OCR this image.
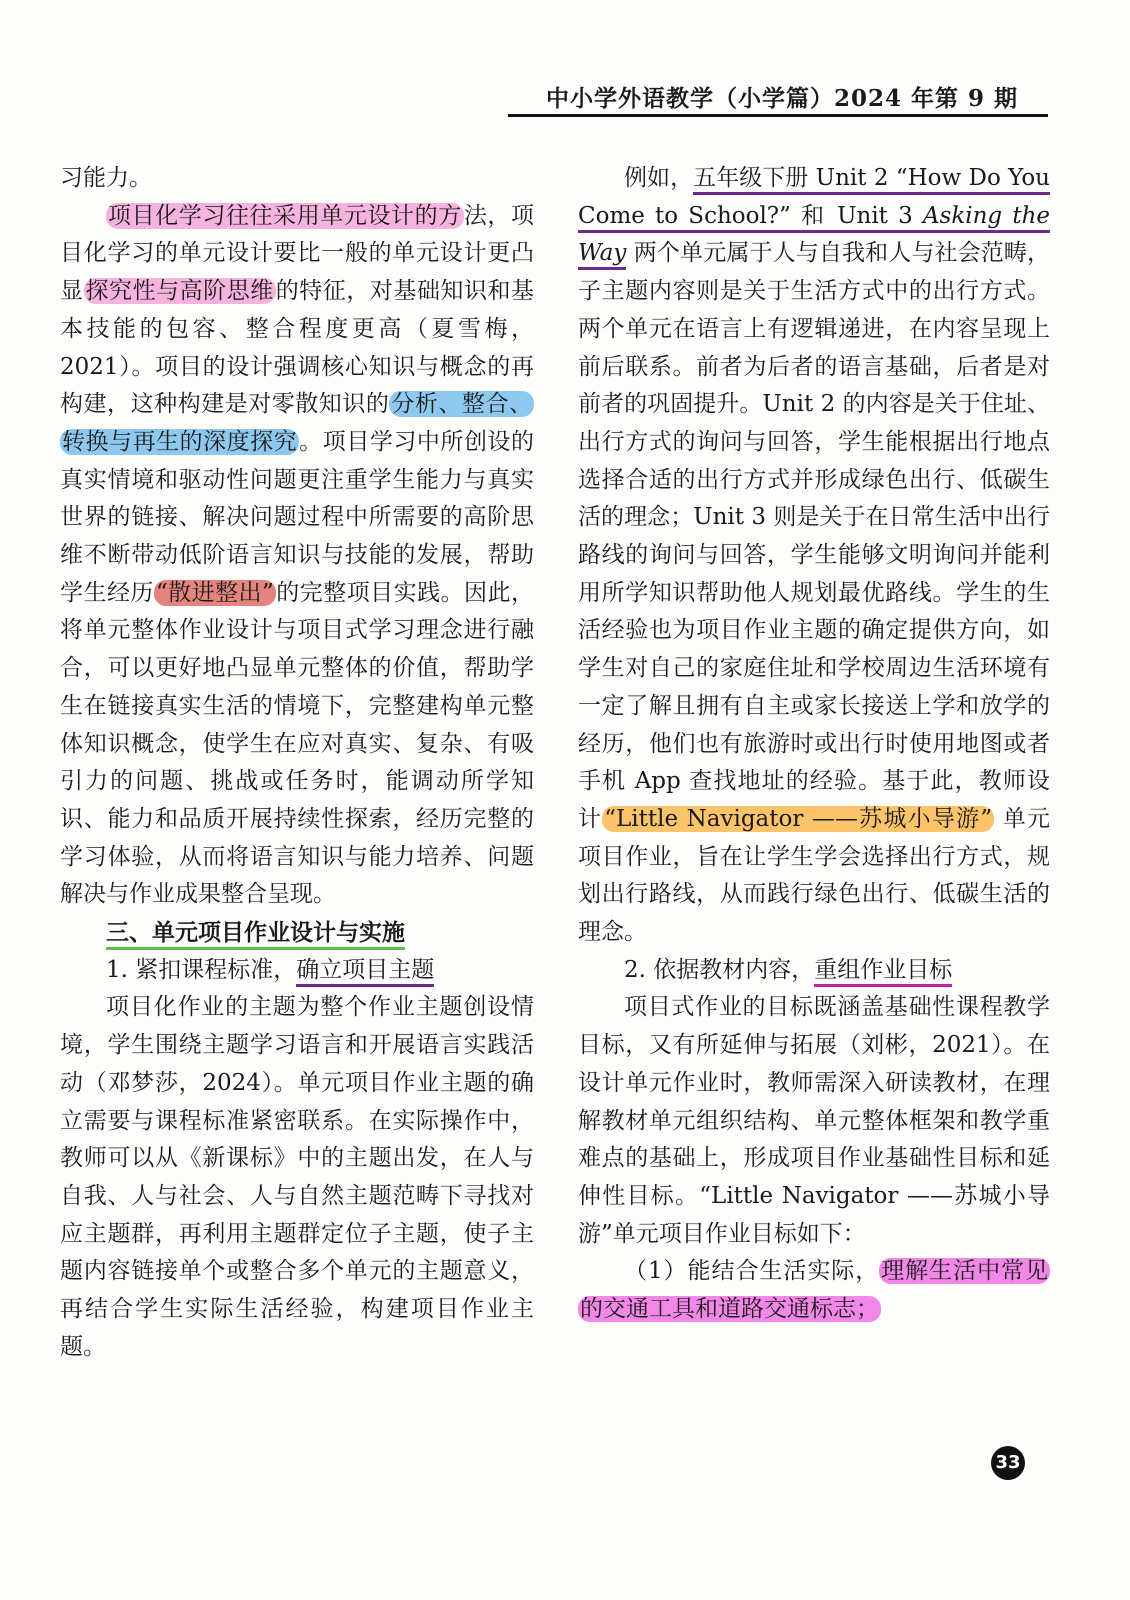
中小学外语教学（小学篇）2024 年第 9 期

习能力。

项目化学习往往采用单元设计的方法，项目化学习的单元设计要比一般的单元设计更凸显探究性与高阶思维的特征，对基础知识和基本技能的包容、整合程度更高（夏雪梅，2021）。项目的设计强调核心知识与概念的再构建，这种构建是对零散知识的分析、整合、转换与再生的深度探究。项目学习中所创设的真实情境和驱动性问题更注重学生能力与真实世界的链接、解决问题过程中所需要的高阶思维不断带动低阶语言知识与技能的发展，帮助学生经历“散进整出”的完整项目实践。因此，将单元整体作业设计与项目式学习理念进行融合，可以更好地凸显单元整体的价值，帮助学生在链接真实生活的情境下，完整建构单元整体知识概念，使学生在应对真实、复杂、有吸引力的问题、挑战或任务时，能调动所学知识、能力和品质开展持续性探索，经历完整的学习体验，从而将语言知识与能力培养、问题解决与作业成果整合呈现。

三、单元项目作业设计与实施

1. 紧扣课程标准，确立项目主题

项目化作业的主题为整个作业主题创设情境，学生围绕主题学习语言和开展语言实践活动（邓梦莎，2024）。单元项目作业主题的确立需要与课程标准紧密联系。在实际操作中，教师可以从《新课标》中的主题出发，在人与自我、人与社会、人与自然主题范畴下寻找对应主题群，再利用主题群定位子主题，使子主题内容链接单个或整合多个单元的主题意义，再结合学生实际生活经验，构建项目作业主题。

例如，五年级下册 Unit 2 “How Do You Come to School?” 和 Unit 3 Asking the Way 两个单元属于人与自我和人与社会范畴，子主题内容则是关于生活方式中的出行方式。两个单元在语言上有逻辑递进，在内容呈现上前后联系。前者为后者的语言基础，后者是对前者的巩固提升。Unit 2 的内容是关于住址、出行方式的询问与回答，学生能根据出行地点选择合适的出行方式并形成绿色出行、低碳生活的理念；Unit 3 则是关于在日常生活中出行路线的询问与回答，学生能够文明询问并能利用所学知识帮助他人规划最优路线。学生的生活经验也为项目作业主题的确定提供方向，如学生对自己的家庭住址和学校周边生活环境有一定了解且拥有自主或家长接送上学和放学的经历，他们也有旅游时或出行时使用地图或者手机 App 查找地址的经验。基于此，教师设计“Little Navigator ——苏城小导游” 单元项目作业，旨在让学生学会选择出行方式，规划出行路线，从而践行绿色出行、低碳生活的理念。

2. 依据教材内容，重组作业目标

项目式作业的目标既涵盖基础性课程教学目标，又有所延伸与拓展（刘彬，2021）。在设计单元作业时，教师需深入研读教材，在理解教材单元组织结构、单元整体框架和教学重难点的基础上，形成项目作业基础性目标和延伸性目标。“Little Navigator ——苏城小导游”单元项目作业目标如下：

（1）能结合生活实际，理解生活中常见的交通工具和道路交通标志；

33
